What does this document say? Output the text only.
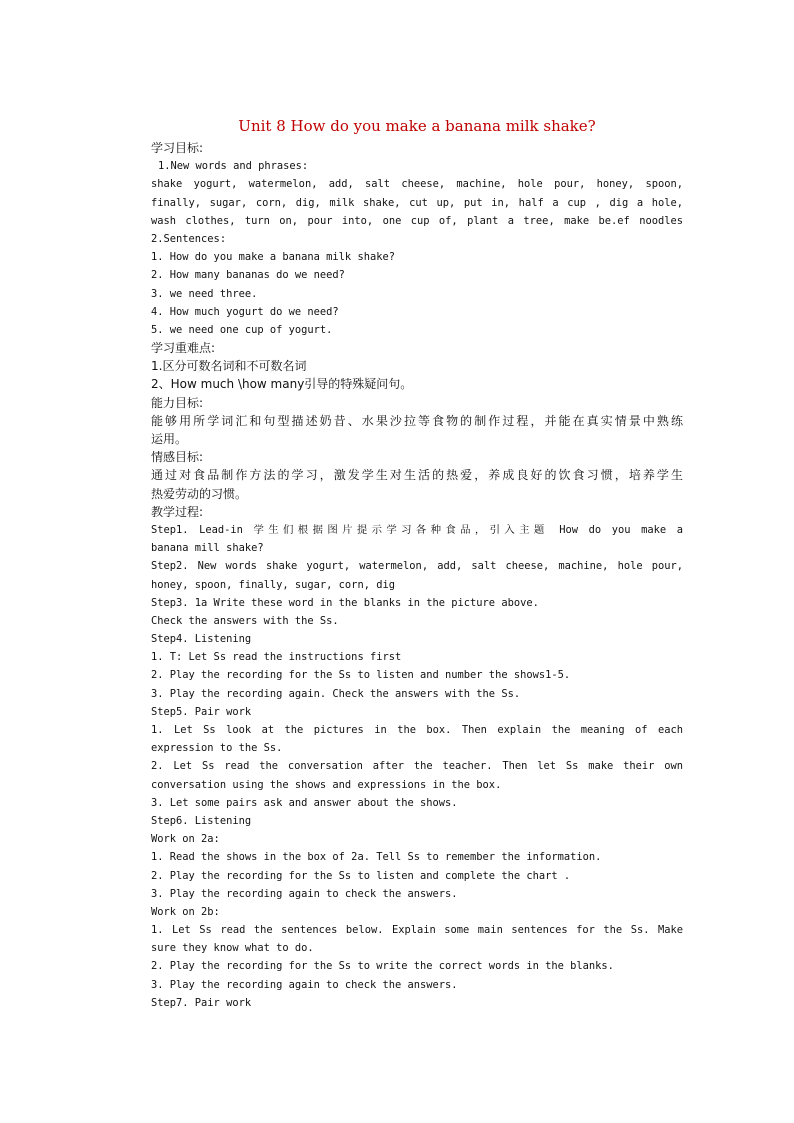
Unit 8 How do you make a banana milk shake?
学习目标:
1.New words and phrases:
shake yogurt, watermelon, add, salt cheese, machine, hole pour, honey, spoon,
finally, sugar, corn, dig, milk shake, cut up, put in, half a cup , dig a hole,
wash clothes, turn on, pour into, one cup of, plant a tree, make be.ef noodles
2.Sentences:
1. How do you make a banana milk shake?
2. How many bananas do we need?
3. we need three.
4. How much yogurt do we need?
5. we need one cup of yogurt.
学习重难点:
1.区分可数名词和不可数名词
2、How much \how many引导的特殊疑问句。
能力目标:
能够用所学词汇和句型描述奶昔、水果沙拉等食物的制作过程，并能在真实情景中熟练
运用。
情感目标:
通过对食品制作方法的学习，激发学生对生活的热爱，养成良好的饮食习惯，培养学生
热爱劳动的习惯。
教学过程:
Step1. Lead-in 学生们根据图片提示学习各种食品，引入主题 How do you make a
banana mill shake?
Step2. New words shake yogurt, watermelon, add, salt cheese, machine, hole pour,
honey, spoon, finally, sugar, corn, dig
Step3. 1a Write these word in the blanks in the picture above.
Check the answers with the Ss.
Step4. Listening
1. T: Let Ss read the instructions first
2. Play the recording for the Ss to listen and number the shows1-5.
3. Play the recording again. Check the answers with the Ss.
Step5. Pair work
1. Let Ss look at the pictures in the box. Then explain the meaning of each
expression to the Ss.
2. Let Ss read the conversation after the teacher. Then let Ss make their own
conversation using the shows and expressions in the box.
3. Let some pairs ask and answer about the shows.
Step6. Listening
Work on 2a:
1. Read the shows in the box of 2a. Tell Ss to remember the information.
2. Play the recording for the Ss to listen and complete the chart .
3. Play the recording again to check the answers.
Work on 2b:
1. Let Ss read the sentences below. Explain some main sentences for the Ss. Make
sure they know what to do.
2. Play the recording for the Ss to write the correct words in the blanks.
3. Play the recording again to check the answers.
Step7. Pair work
